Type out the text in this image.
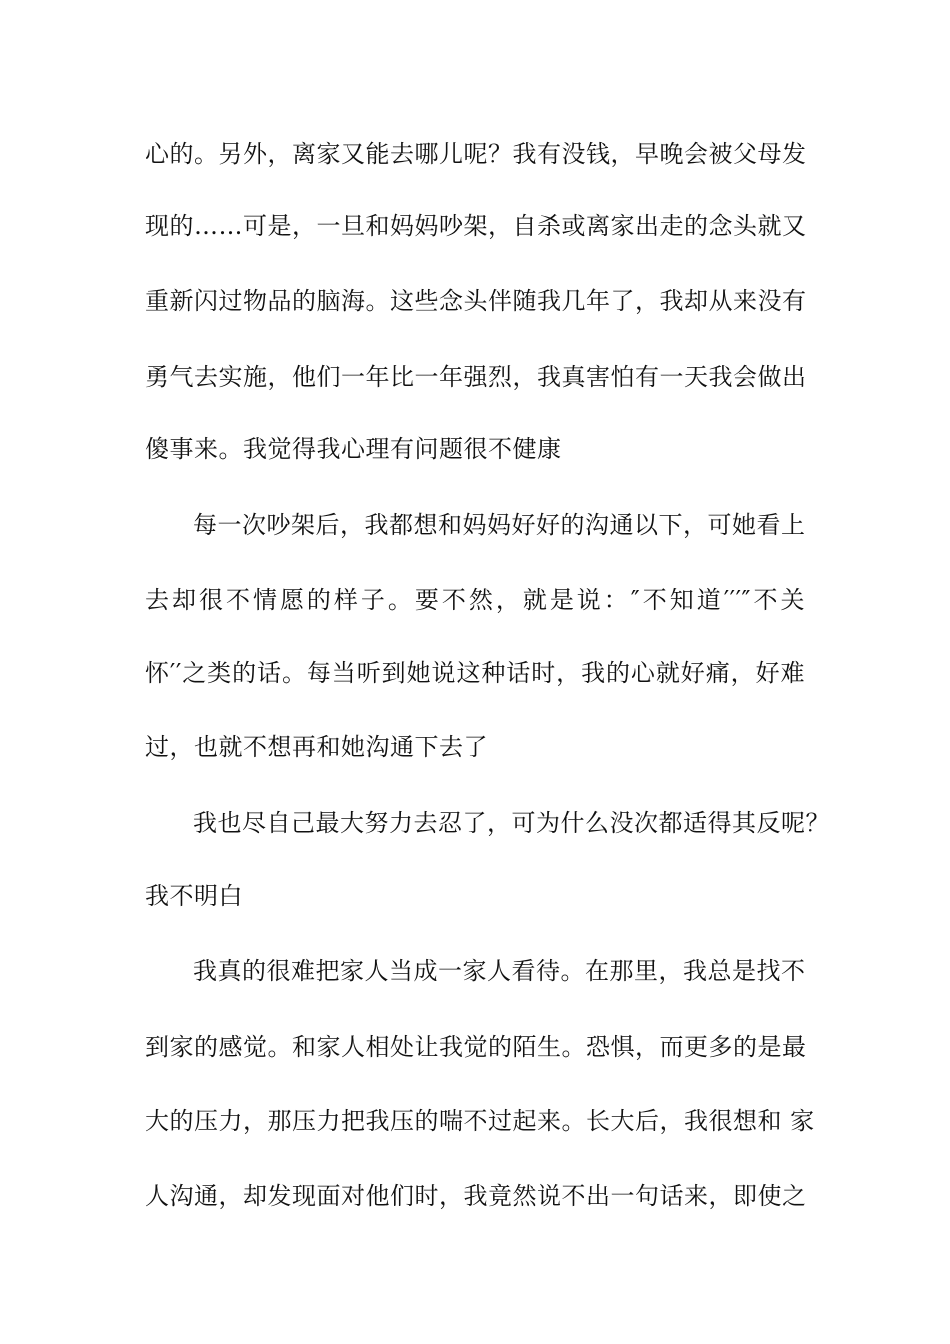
心的。另外，离家又能去哪儿呢？我有没钱，早晚会被父母发
现的……可是，一旦和妈妈吵架，自杀或离家出走的念头就又
重新闪过物品的脑海。这些念头伴随我几年了，我却从来没有
勇气去实施，他们一年比一年强烈，我真害怕有一天我会做出
傻事来。我觉得我心理有问题很不健康
每一次吵架后，我都想和妈妈好好的沟通以下，可她看上
去却很不情愿的样子。要不然，就是说：″不知道′′′″不关
怀′′之类的话。每当听到她说这种话时，我的心就好痛，好难
过，也就不想再和她沟通下去了
我也尽自己最大努力去忍了，可为什么没次都适得其反呢？
我不明白
我真的很难把家人当成一家人看待。在那里，我总是找不
到家的感觉。和家人相处让我觉的陌生。恐惧，而更多的是最
大的压力，那压力把我压的喘不过起来。长大后，我很想和 家
人沟通，却发现面对他们时，我竟然说不出一句话来，即使之
